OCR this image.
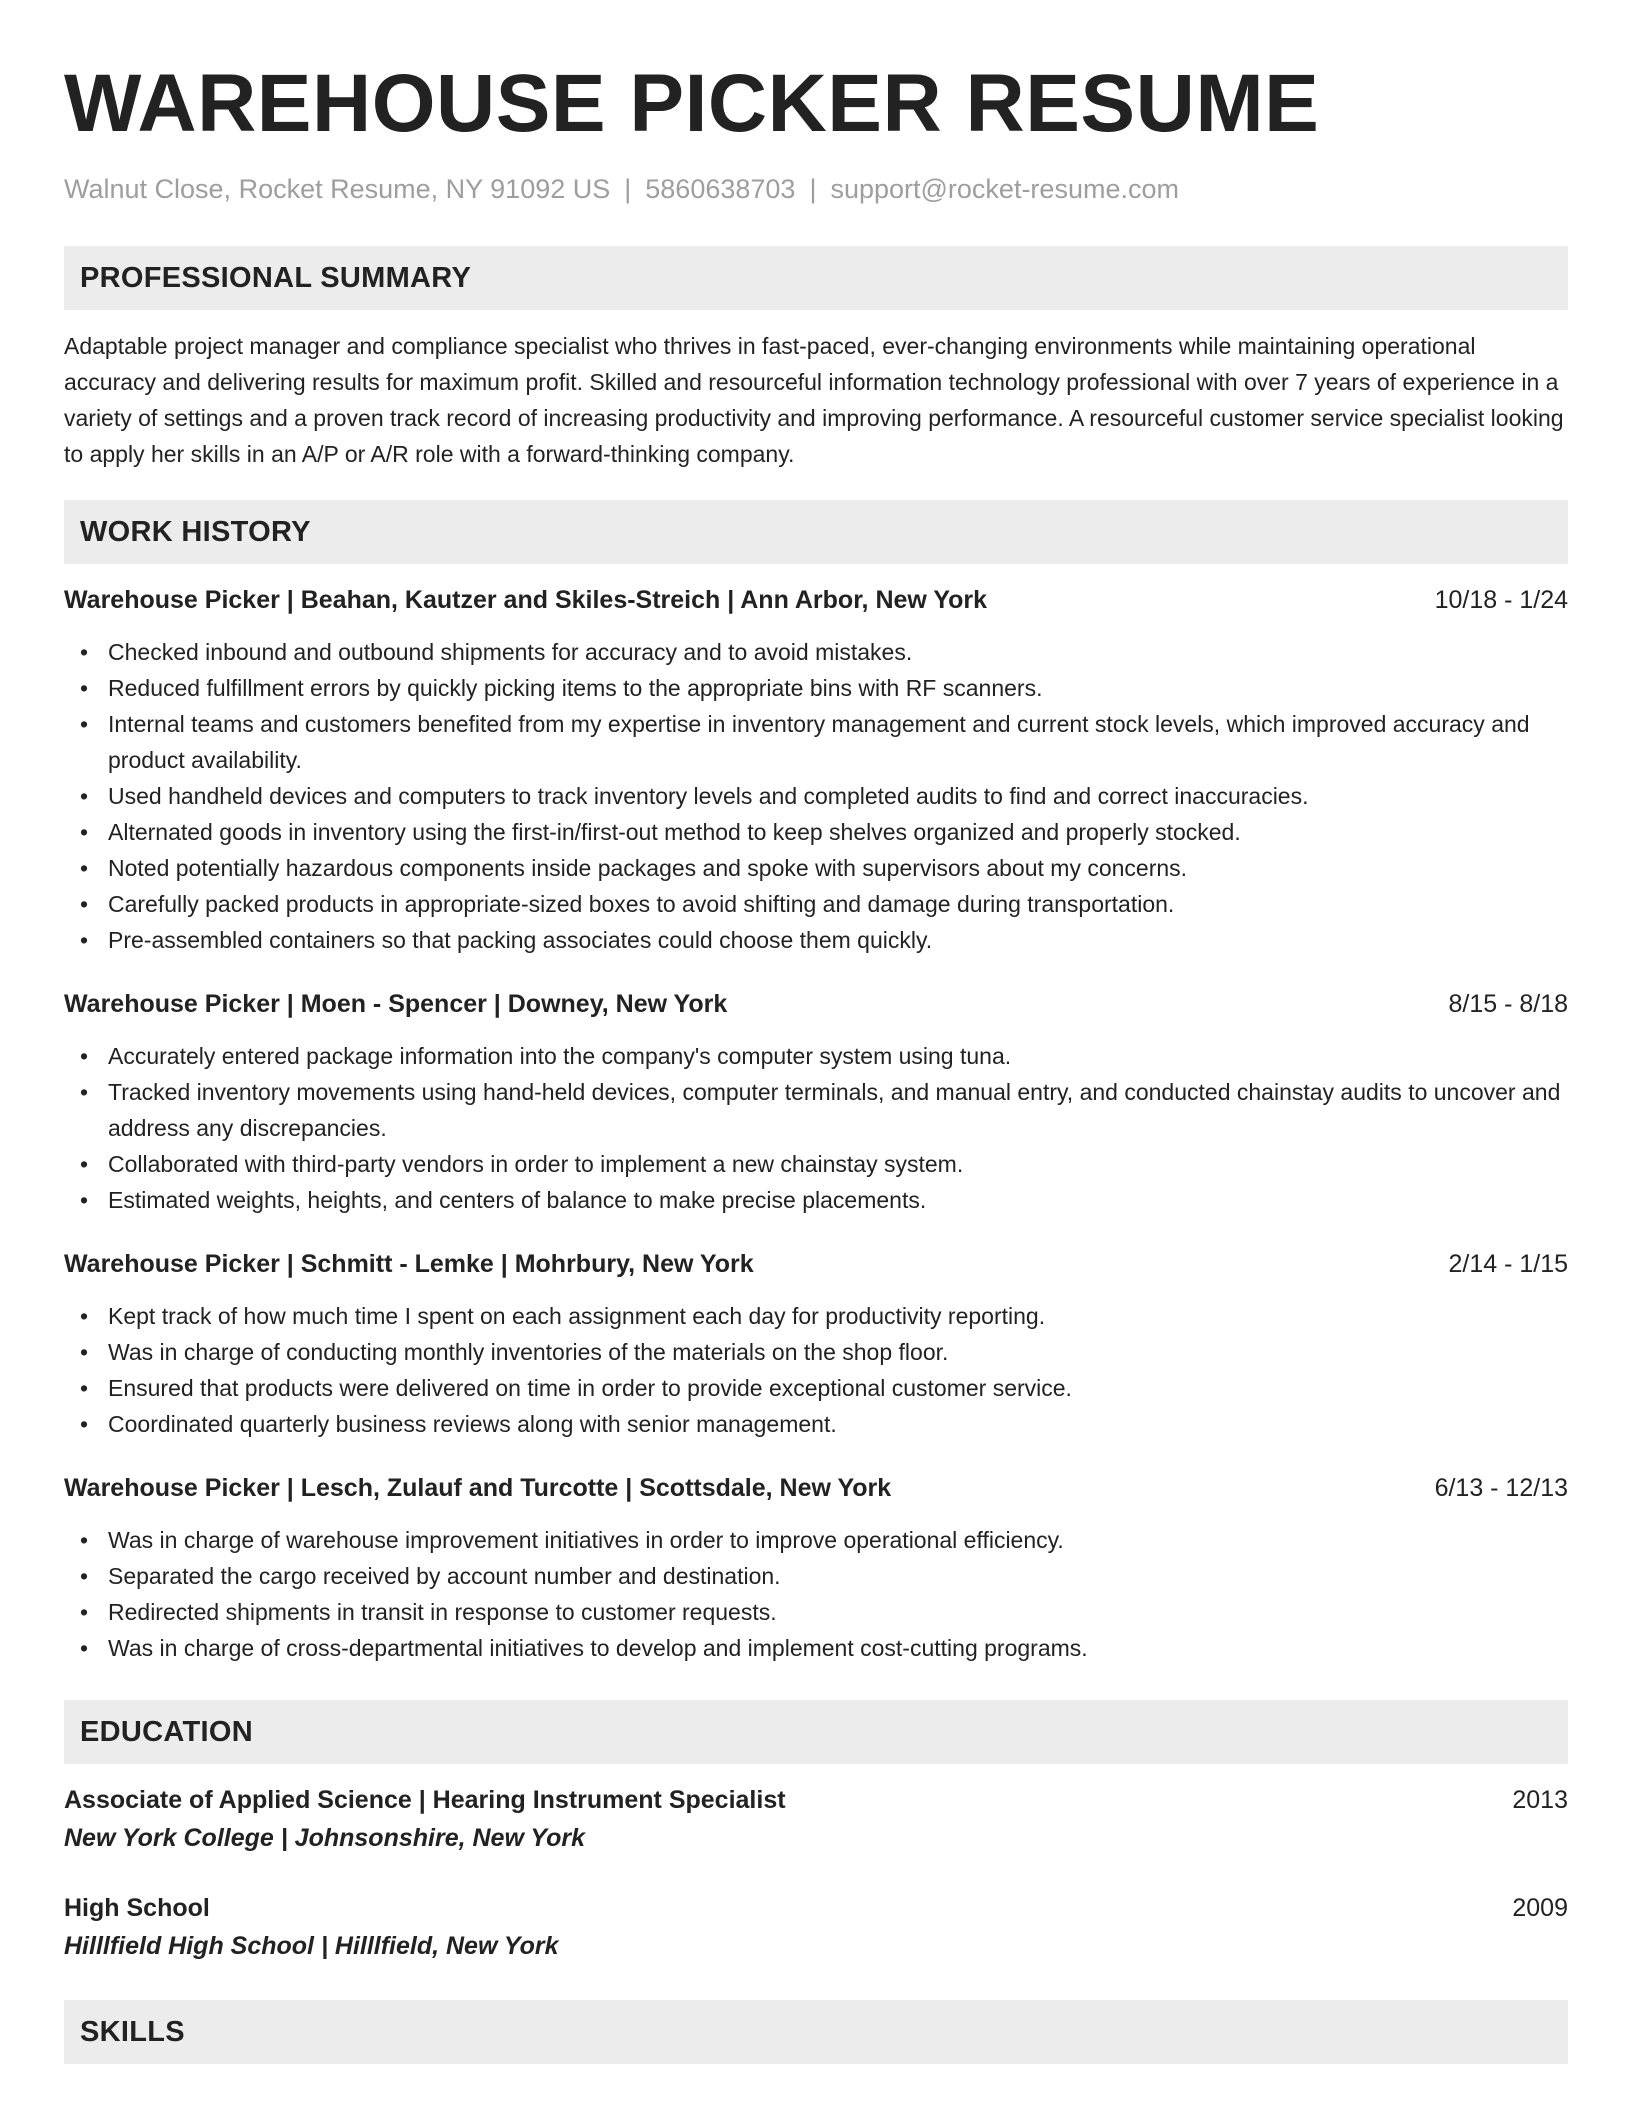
WAREHOUSE PICKER RESUME
Walnut Close, Rocket Resume, NY 91092 US | 5860638703 | support@rocket-resume.com
PROFESSIONAL SUMMARY

Adaptable project manager and compliance specialist who thrives in fast-paced, ever-changing environments while maintaining operational accuracy and delivering results for maximum profit. Skilled and resourceful information technology professional with over 7 years of experience in a variety of settings and a proven track record of increasing productivity and improving performance. A resourceful customer service specialist looking to apply her skills in an A/P or A/R role with a forward-thinking company.

WORK HISTORY
Warehouse Picker | Beahan, Kautzer and Skiles-Streich | Ann Arbor, New York	10/18 - 1/24
• Checked inbound and outbound shipments for accuracy and to avoid mistakes.
• Reduced fulfillment errors by quickly picking items to the appropriate bins with RF scanners.
• Internal teams and customers benefited from my expertise in inventory management and current stock levels, which improved accuracy and product availability.
• Used handheld devices and computers to track inventory levels and completed audits to find and correct inaccuracies.
• Alternated goods in inventory using the first-in/first-out method to keep shelves organized and properly stocked.
• Noted potentially hazardous components inside packages and spoke with supervisors about my concerns.
• Carefully packed products in appropriate-sized boxes to avoid shifting and damage during transportation.
• Pre-assembled containers so that packing associates could choose them quickly.
Warehouse Picker | Moen - Spencer | Downey, New York	8/15 - 8/18
• Accurately entered package information into the company's computer system using tuna.
• Tracked inventory movements using hand-held devices, computer terminals, and manual entry, and conducted chainstay audits to uncover and address any discrepancies.
• Collaborated with third-party vendors in order to implement a new chainstay system.
• Estimated weights, heights, and centers of balance to make precise placements.
Warehouse Picker | Schmitt - Lemke | Mohrbury, New York	2/14 - 1/15
• Kept track of how much time I spent on each assignment each day for productivity reporting.
• Was in charge of conducting monthly inventories of the materials on the shop floor.
• Ensured that products were delivered on time in order to provide exceptional customer service.
• Coordinated quarterly business reviews along with senior management.
Warehouse Picker | Lesch, Zulauf and Turcotte | Scottsdale, New York	6/13 - 12/13
• Was in charge of warehouse improvement initiatives in order to improve operational efficiency.
• Separated the cargo received by account number and destination.
• Redirected shipments in transit in response to customer requests.
• Was in charge of cross-departmental initiatives to develop and implement cost-cutting programs.
EDUCATION
Associate of Applied Science | Hearing Instrument Specialist	2013
New York College | Johnsonshire, New York
High School	2009
Hilllfield High School | Hilllfield, New York
SKILLS
